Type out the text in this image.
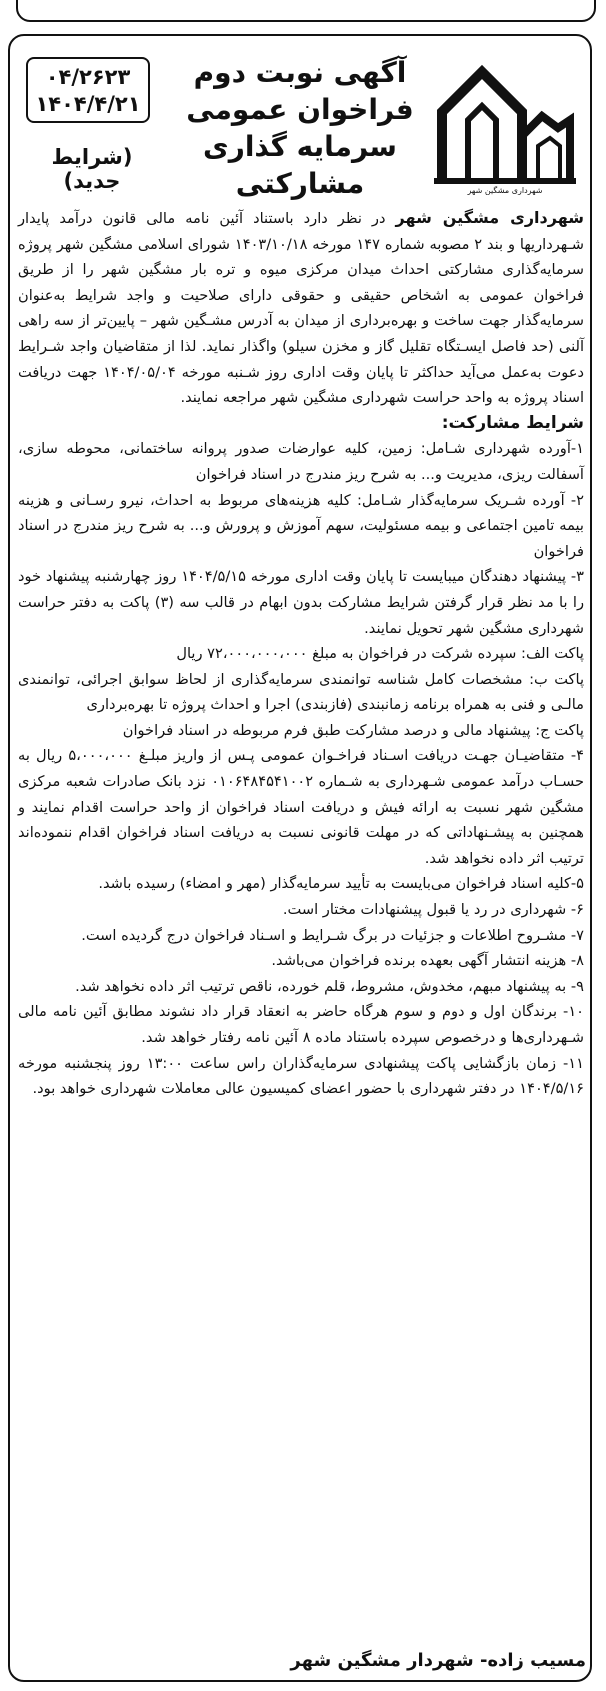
شهرداری مشگین شهر
آگهی نوبت دوم
فراخوان عمومی
سرمایه گذاری
مشارکتی
۰۴/۲۶۲۳
۱۴۰۴/۴/۲۱
(شرایط جدید)

شهرداری مشگین شهر در نظر دارد باستناد آئین نامه مالی قانون درآمد پایدار شـهرداریها و بند ۲ مصوبه شماره ۱۴۷ مورخه ۱۴۰۳/۱۰/۱۸ شورای اسلامی مشگین شهر پروژه سرمایه‌گذاری مشارکتی احداث میدان مرکزی میوه و تره بار مشگین شهر را از طریق فراخوان عمومی به اشخاص حقیقی و حقوقی دارای صلاحیت و واجد شرایط به‌عنوان سرمایه‌گذار جهت ساخت و بهره‌برداری از میدان به آدرس مشـگین شهر – پایین‌تر از سه راهی آلنی (حد فاصل ایسـتگاه تقلیل گاز و مخزن سیلو) واگذار نماید. لذا از متقاضیان واجد شـرایط دعوت به‌عمل می‌آید حداکثر تا پایان وقت اداری روز شـنبه مورخه ۱۴۰۴/۰۵/۰۴ جهت دریافت اسناد پروژه به واحد حراست شهرداری مشگین شهر مراجعه نمایند.

شرایط مشارکت:

۱-آورده شهرداری شـامل: زمین، کلیه عوارضات صدور پروانه ساختمانی، محوطه سازی، آسفالت ریزی، مدیریت و... به شرح ریز مندرج در اسناد فراخوان

۲- آورده شـریک سرمایه‌گذار شـامل: کلیه هزینه‌های مربوط به احداث، نیرو رسـانی و هزینه بیمه تامین اجتماعی و بیمه مسئولیت، سهم آموزش و پرورش و... به شرح ریز مندرج در اسناد فراخوان

۳- پیشنهاد دهندگان میبایست تا پایان وقت اداری مورخه ۱۴۰۴/۵/۱۵ روز چهارشنبه پیشنهاد خود را با مد نظر قرار گرفتن شرایط مشارکت بدون ابهام در قالب سه (۳) پاکت به دفتر حراست شهرداری مشگین شهر تحویل نمایند.

پاکت الف: سپرده شرکت در فراخوان به مبلغ ۷۲،۰۰۰،۰۰۰،۰۰۰ ریال

پاکت ب: مشخصات کامل شناسه توانمندی سرمایه‌گذاری از لحاظ سوابق اجرائی، توانمندی مالـی و فنی به همراه برنامه زمانبندی (فازبندی) اجرا و احداث پروژه تا بهره‌برداری

پاکت ج: پیشنهاد مالی و درصد مشارکت طبق فرم مربوطه در اسناد فراخوان

۴- متقاضیـان جهـت دریافت اسـناد فراخـوان عمومی پـس از واریز مبلـغ ۵،۰۰۰،۰۰۰ ریال به حسـاب درآمد عمومی شـهرداری به شـماره ۰۱۰۶۴۸۴۵۴۱۰۰۲ نزد بانک صادرات شعبه مرکزی مشگین شهر نسبت به ارائه فیش و دریافت اسناد فراخوان از واحد حراست اقدام نمایند و همچنین به پیشـنهاداتی که در مهلت قانونی نسبت به دریافت اسناد فراخوان اقدام ننموده‌اند ترتیب اثر داده نخواهد شد.

۵-کلیه اسناد فراخوان می‌بایست به تأیید سرمایه‌گذار (مهر و امضاء) رسیده باشد.

۶- شهرداری در رد یا قبول پیشنهادات مختار است.

۷- مشـروح اطلاعات و جزئیات در برگ شـرایط و اسـناد فراخوان درج گردیده است.

۸- هزینه انتشار آگهی بعهده برنده فراخوان می‌باشد.

۹- به پیشنهاد مبهم، مخدوش، مشروط، قلم خورده، ناقص ترتیب اثر داده نخواهد شد.

۱۰- برندگان اول و دوم و سوم هرگاه حاضر به انعقاد قرار داد نشوند مطابق آئین نامه مالی شـهرداری‌ها و درخصوص سپرده باستناد ماده ۸ آئین نامه رفتار خواهد شد.

۱۱- زمان بازگشایی پاکت پیشنهادی سرمایه‌گذاران راس ساعت ۱۳:۰۰ روز پنجشنبه مورخه ۱۴۰۴/۵/۱۶ در دفتر شهرداری با حضور اعضای کمیسیون عالی معاملات شهرداری خواهد بود.

مسیب زاده- شهردار مشگین شهر
